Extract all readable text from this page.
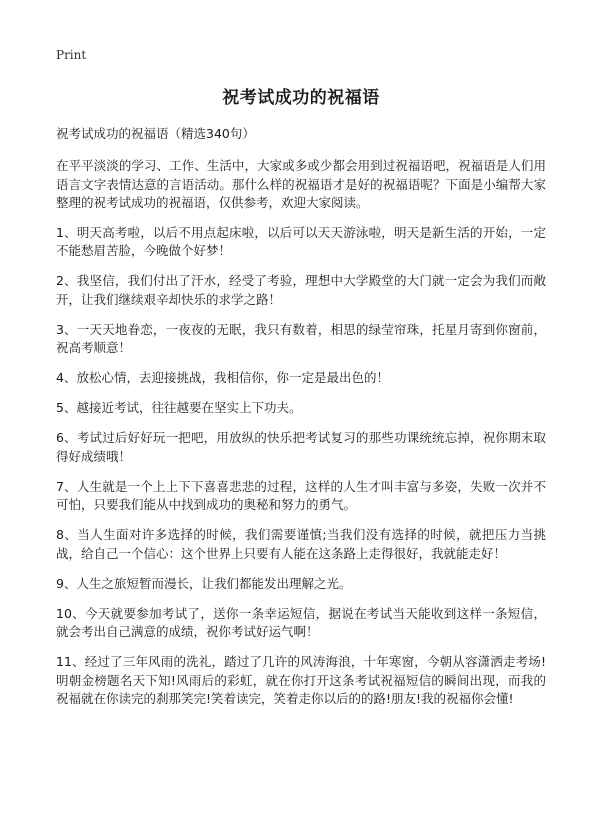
Print
祝考试成功的祝福语

祝考试成功的祝福语（精选340句）

在平平淡淡的学习、工作、生活中，大家或多或少都会用到过祝福语吧，祝福语是人们用语言文字表情达意的言语活动。那什么样的祝福语才是好的祝福语呢？下面是小编帮大家整理的祝考试成功的祝福语，仅供参考，欢迎大家阅读。

1、明天高考啦，以后不用点起床啦，以后可以天天游泳啦，明天是新生活的开始，一定不能愁眉苦脸，今晚做个好梦！

2、我坚信，我们付出了汗水，经受了考验，理想中大学殿堂的大门就一定会为我们而敞开，让我们继续艰辛却快乐的求学之路！

3、一天天地眷恋，一夜夜的无眠，我只有数着，相思的绿莹帘珠，托星月寄到你窗前，祝高考顺意！

4、放松心情，去迎接挑战，我相信你，你一定是最出色的！

5、越接近考试，往往越要在坚实上下功夫。

6、考试过后好好玩一把吧，用放纵的快乐把考试复习的那些功课统统忘掉，祝你期末取得好成绩哦！

7、人生就是一个上上下下喜喜悲悲的过程，这样的人生才叫丰富与多姿，失败一次并不可怕，只要我们能从中找到成功的奥秘和努力的勇气。

8、当人生面对许多选择的时候，我们需要谨慎;当我们没有选择的时候，就把压力当挑战，给自己一个信心：这个世界上只要有人能在这条路上走得很好，我就能走好！

9、人生之旅短暂而漫长，让我们都能发出理解之光。

10、今天就要参加考试了，送你一条幸运短信，据说在考试当天能收到这样一条短信，就会考出自己满意的成绩，祝你考试好运气啊！

11、经过了三年风雨的洗礼，踏过了几许的风涛海浪，十年寒窗，今朝从容潇洒走考场!明朝金榜题名天下知!风雨后的彩虹，就在你打开这条考试祝福短信的瞬间出现，而我的祝福就在你读完的刹那笑完!笑着读完，笑着走你以后的的路!朋友!我的祝福你会懂!
